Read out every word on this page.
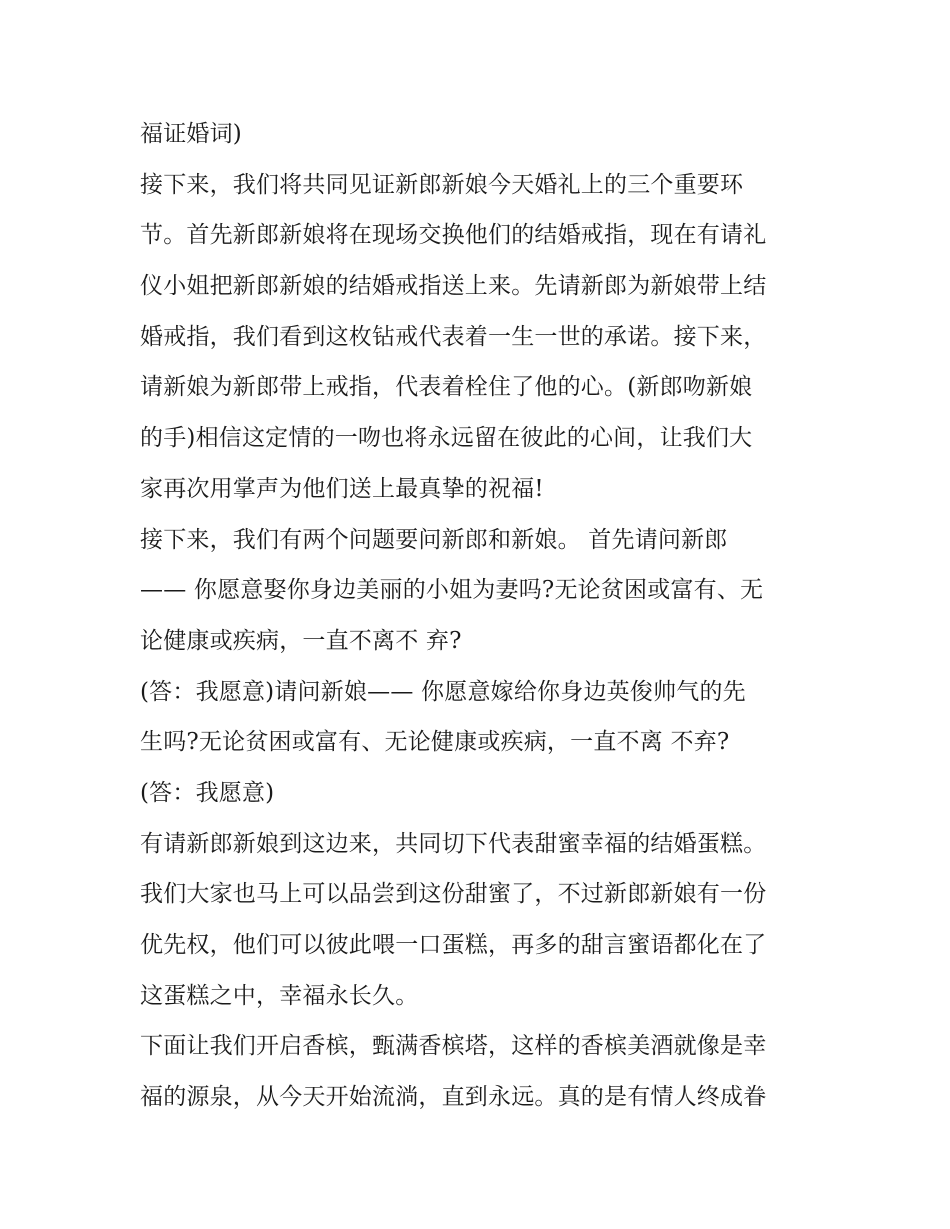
福证婚词)
接下来，我们将共同见证新郎新娘今天婚礼上的三个重要环
节。首先新郎新娘将在现场交换他们的结婚戒指，现在有请礼
仪小姐把新郎新娘的结婚戒指送上来。先请新郎为新娘带上结
婚戒指，我们看到这枚钻戒代表着一生一世的承诺。接下来，
请新娘为新郎带上戒指，代表着栓住了他的心。(新郎吻新娘
的手)相信这定情的一吻也将永远留在彼此的心间，让我们大
家再次用掌声为他们送上最真挚的祝福!
接下来，我们有两个问题要问新郎和新娘。 首先请问新郎
—— 你愿意娶你身边美丽的小姐为妻吗?无论贫困或富有、无
论健康或疾病，一直不离不 弃?
(答：我愿意)请问新娘—— 你愿意嫁给你身边英俊帅气的先
生吗?无论贫困或富有、无论健康或疾病，一直不离 不弃?
(答：我愿意)
有请新郎新娘到这边来，共同切下代表甜蜜幸福的结婚蛋糕。
我们大家也马上可以品尝到这份甜蜜了，不过新郎新娘有一份
优先权，他们可以彼此喂一口蛋糕，再多的甜言蜜语都化在了
这蛋糕之中，幸福永长久。
下面让我们开启香槟，甄满香槟塔，这样的香槟美酒就像是幸
福的源泉，从今天开始流淌，直到永远。真的是有情人终成眷
